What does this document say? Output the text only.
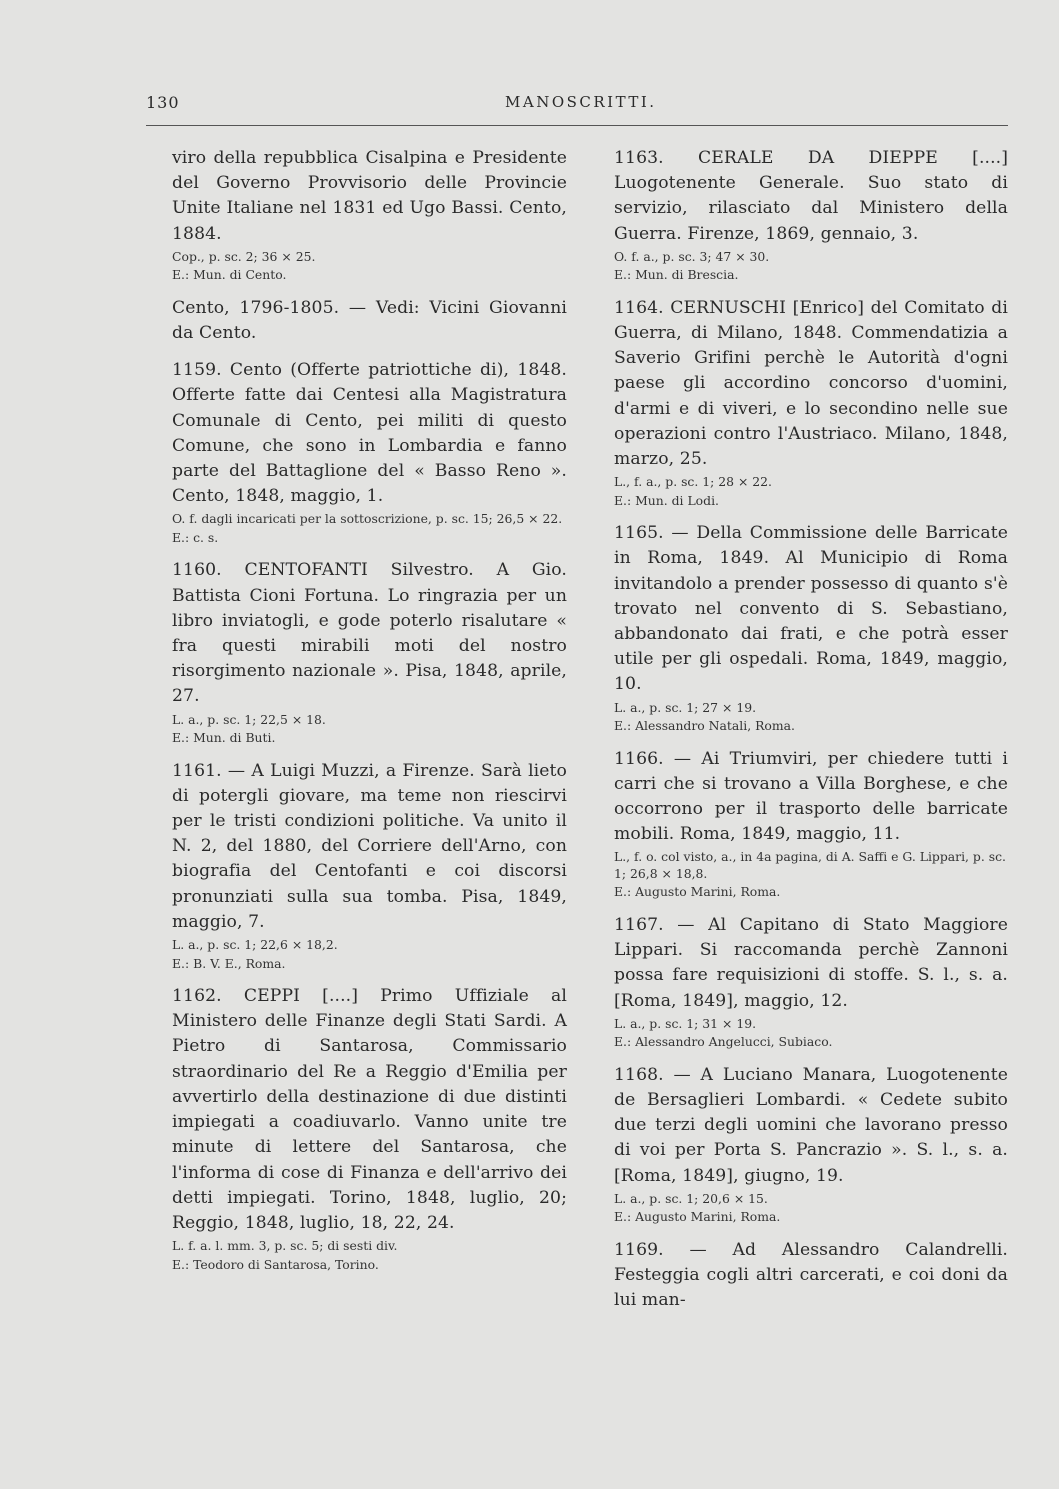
130	MANOSCRITTI.
viro della repubblica Cisalpina e Presidente del Governo Provvisorio delle Provincie Unite Italiane nel 1831 ed Ugo Bassi. Cento, 1884.
Cop., p. sc. 2; 36 × 25.
E.: Mun. di Cento.
Cento, 1796-1805. — Vedi: Vicini Giovanni da Cento.
1159. Cento (Offerte patriottiche di), 1848. Offerte fatte dai Centesi alla Magistratura Comunale di Cento, pei militi di questo Comune, che sono in Lombardia e fanno parte del Battaglione del « Basso Reno ». Cento, 1848, maggio, 1.
O. f. dagli incaricati per la sottoscrizione, p. sc. 15; 26,5 × 22.
E.: c. s.
1160. CENTOFANTI Silvestro. A Gio. Battista Cioni Fortuna. Lo ringrazia per un libro inviatogli, e gode poterlo risalutare « fra questi mirabili moti del nostro risorgimento nazionale ». Pisa, 1848, aprile, 27.
L. a., p. sc. 1; 22,5 × 18.
E.: Mun. di Buti.
1161. — A Luigi Muzzi, a Firenze. Sarà lieto di potergli giovare, ma teme non riescirvi per le tristi condizioni politiche. Va unito il N. 2, del 1880, del Corriere dell'Arno, con biografia del Centofanti e coi discorsi pronunziati sulla sua tomba. Pisa, 1849, maggio, 7.
L. a., p. sc. 1; 22,6 × 18,2.
E.: B. V. E., Roma.
1162. CEPPI [....] Primo Uffiziale al Ministero delle Finanze degli Stati Sardi. A Pietro di Santarosa, Commissario straordinario del Re a Reggio d'Emilia per avvertirlo della destinazione di due distinti impiegati a coadiuvarlo. Vanno unite tre minute di lettere del Santarosa, che l'informa di cose di Finanza e dell'arrivo dei detti impiegati. Torino, 1848, luglio, 20; Reggio, 1848, luglio, 18, 22, 24.
L. f. a. l. mm. 3, p. sc. 5; di sesti div.
E.: Teodoro di Santarosa, Torino.
1163. CERALE DA DIEPPE [....] Luogotenente Generale. Suo stato di servizio, rilasciato dal Ministero della Guerra. Firenze, 1869, gennaio, 3.
O. f. a., p. sc. 3; 47 × 30.
E.: Mun. di Brescia.
1164. CERNUSCHI [Enrico] del Comitato di Guerra, di Milano, 1848. Commendatizia a Saverio Grifini perchè le Autorità d'ogni paese gli accordino concorso d'uomini, d'armi e di viveri, e lo secondino nelle sue operazioni contro l'Austriaco. Milano, 1848, marzo, 25.
L., f. a., p. sc. 1; 28 × 22.
E.: Mun. di Lodi.
1165. — Della Commissione delle Barricate in Roma, 1849. Al Municipio di Roma invitandolo a prender possesso di quanto s'è trovato nel convento di S. Sebastiano, abbandonato dai frati, e che potrà esser utile per gli ospedali. Roma, 1849, maggio, 10.
L. a., p. sc. 1; 27 × 19.
E.: Alessandro Natali, Roma.
1166. — Ai Triumviri, per chiedere tutti i carri che si trovano a Villa Borghese, e che occorrono per il trasporto delle barricate mobili. Roma, 1849, maggio, 11.
L., f. o. col visto, a., in 4a pagina, di A. Saffi e G. Lippari, p. sc. 1; 26,8 × 18,8.
E.: Augusto Marini, Roma.
1167. — Al Capitano di Stato Maggiore Lippari. Si raccomanda perchè Zannoni possa fare requisizioni di stoffe. S. l., s. a. [Roma, 1849], maggio, 12.
L. a., p. sc. 1; 31 × 19.
E.: Alessandro Angelucci, Subiaco.
1168. — A Luciano Manara, Luogotenente de Bersaglieri Lombardi. « Cedete subito due terzi degli uomini che lavorano presso di voi per Porta S. Pancrazio ». S. l., s. a. [Roma, 1849], giugno, 19.
L. a., p. sc. 1; 20,6 × 15.
E.: Augusto Marini, Roma.
1169. — Ad Alessandro Calandrelli. Festeggia cogli altri carcerati, e coi doni da lui man-
